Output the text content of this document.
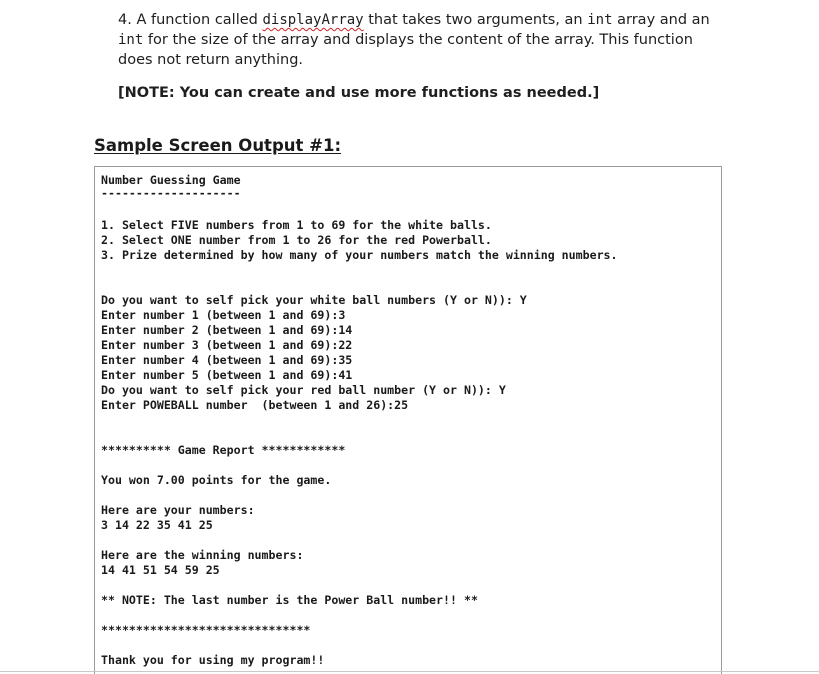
4. A function called displayArray that takes two arguments, an int array and an int for the size of the array and displays the content of the array. This function does not return anything.
[NOTE: You can create and use more functions as needed.]
Sample Screen Output #1:
Number Guessing Game
--------------------
1. Select FIVE numbers from 1 to 69 for the white balls.
2. Select ONE number from 1 to 26 for the red Powerball.
3. Prize determined by how many of your numbers match the winning numbers.
Do you want to self pick your white ball numbers (Y or N)): Y
Enter number 1 (between 1 and 69):3
Enter number 2 (between 1 and 69):14
Enter number 3 (between 1 and 69):22
Enter number 4 (between 1 and 69):35
Enter number 5 (between 1 and 69):41
Do you want to self pick your red ball number (Y or N)): Y
Enter POWEBALL number  (between 1 and 26):25
********** Game Report ************
You won 7.00 points for the game.
Here are your numbers:
3 14 22 35 41 25
Here are the winning numbers:
14 41 51 54 59 25
** NOTE: The last number is the Power Ball number!! **
******************************
Thank you for using my program!!
